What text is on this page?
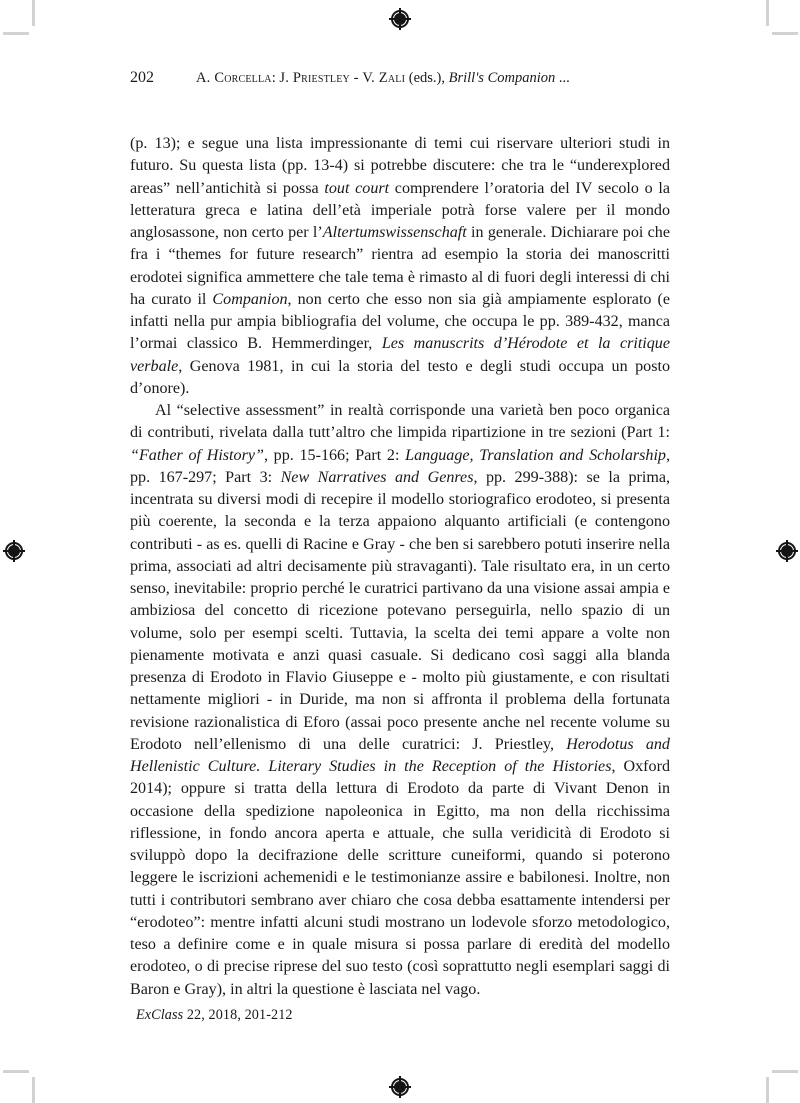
202	A. Corcella: J. Priestley - V. Zali (eds.), Brill's Companion ...

(p. 13); e segue una lista impressionante di temi cui riservare ulteriori studi in futuro. Su questa lista (pp. 13-4) si potrebbe discutere: che tra le “underexplored areas” nell’antichità si possa tout court comprendere l’oratoria del IV secolo o la letteratura greca e latina dell’età imperiale potrà forse valere per il mondo anglosassone, non certo per l’Altertumswissenschaft in generale. Dichiarare poi che fra i “themes for future research” rientra ad esempio la storia dei manoscritti erodotei significa ammettere che tale tema è rimasto al di fuori degli interessi di chi ha curato il Companion, non certo che esso non sia già ampiamente esplorato (e infatti nella pur ampia bibliografia del volume, che occupa le pp. 389-432, manca l’ormai classico B. Hemmerdinger, Les manuscrits d’Hérodote et la critique verbale, Genova 1981, in cui la storia del testo e degli studi occupa un posto d’onore).

Al “selective assessment” in realtà corrisponde una varietà ben poco organica di contributi, rivelata dalla tutt’altro che limpida ripartizione in tre sezioni (Part 1: “Father of History”, pp. 15-166; Part 2: Language, Translation and Scholarship, pp. 167-297; Part 3: New Narratives and Genres, pp. 299-388): se la prima, incentrata su diversi modi di recepire il modello storiografico erodoteo, si presenta più coerente, la seconda e la terza appaiono alquanto artificiali (e contengono contributi - as es. quelli di Racine e Gray - che ben si sarebbero potuti inserire nella prima, associati ad altri decisamente più stravaganti). Tale risultato era, in un certo senso, inevitabile: proprio perché le curatrici partivano da una visione assai ampia e ambiziosa del concetto di ricezione potevano perseguirla, nello spazio di un volume, solo per esempi scelti. Tuttavia, la scelta dei temi appare a volte non pienamente motivata e anzi quasi casuale. Si dedicano così saggi alla blanda presenza di Erodoto in Flavio Giuseppe e - molto più giustamente, e con risultati nettamente migliori - in Duride, ma non si affronta il problema della fortunata revisione razionalistica di Eforo (assai poco presente anche nel recente volume su Erodoto nell’ellenismo di una delle curatrici: J. Priestley, Herodotus and Hellenistic Culture. Literary Studies in the Reception of the Histories, Oxford 2014); oppure si tratta della lettura di Erodoto da parte di Vivant Denon in occasione della spedizione napoleonica in Egitto, ma non della ricchissima riflessione, in fondo ancora aperta e attuale, che sulla veridicità di Erodoto si sviluppò dopo la decifrazione delle scritture cuneiformi, quando si poterono leggere le iscrizioni achemenidi e le testimonianze assire e babilonesi. Inoltre, non tutti i contributori sembrano aver chiaro che cosa debba esattamente intendersi per “erodoteo”: mentre infatti alcuni studi mostrano un lodevole sforzo metodologico, teso a definire come e in quale misura si possa parlare di eredità del modello erodoteo, o di precise riprese del suo testo (così soprattutto negli esemplari saggi di Baron e Gray), in altri la questione è lasciata nel vago.

ExClass 22, 2018, 201-212
